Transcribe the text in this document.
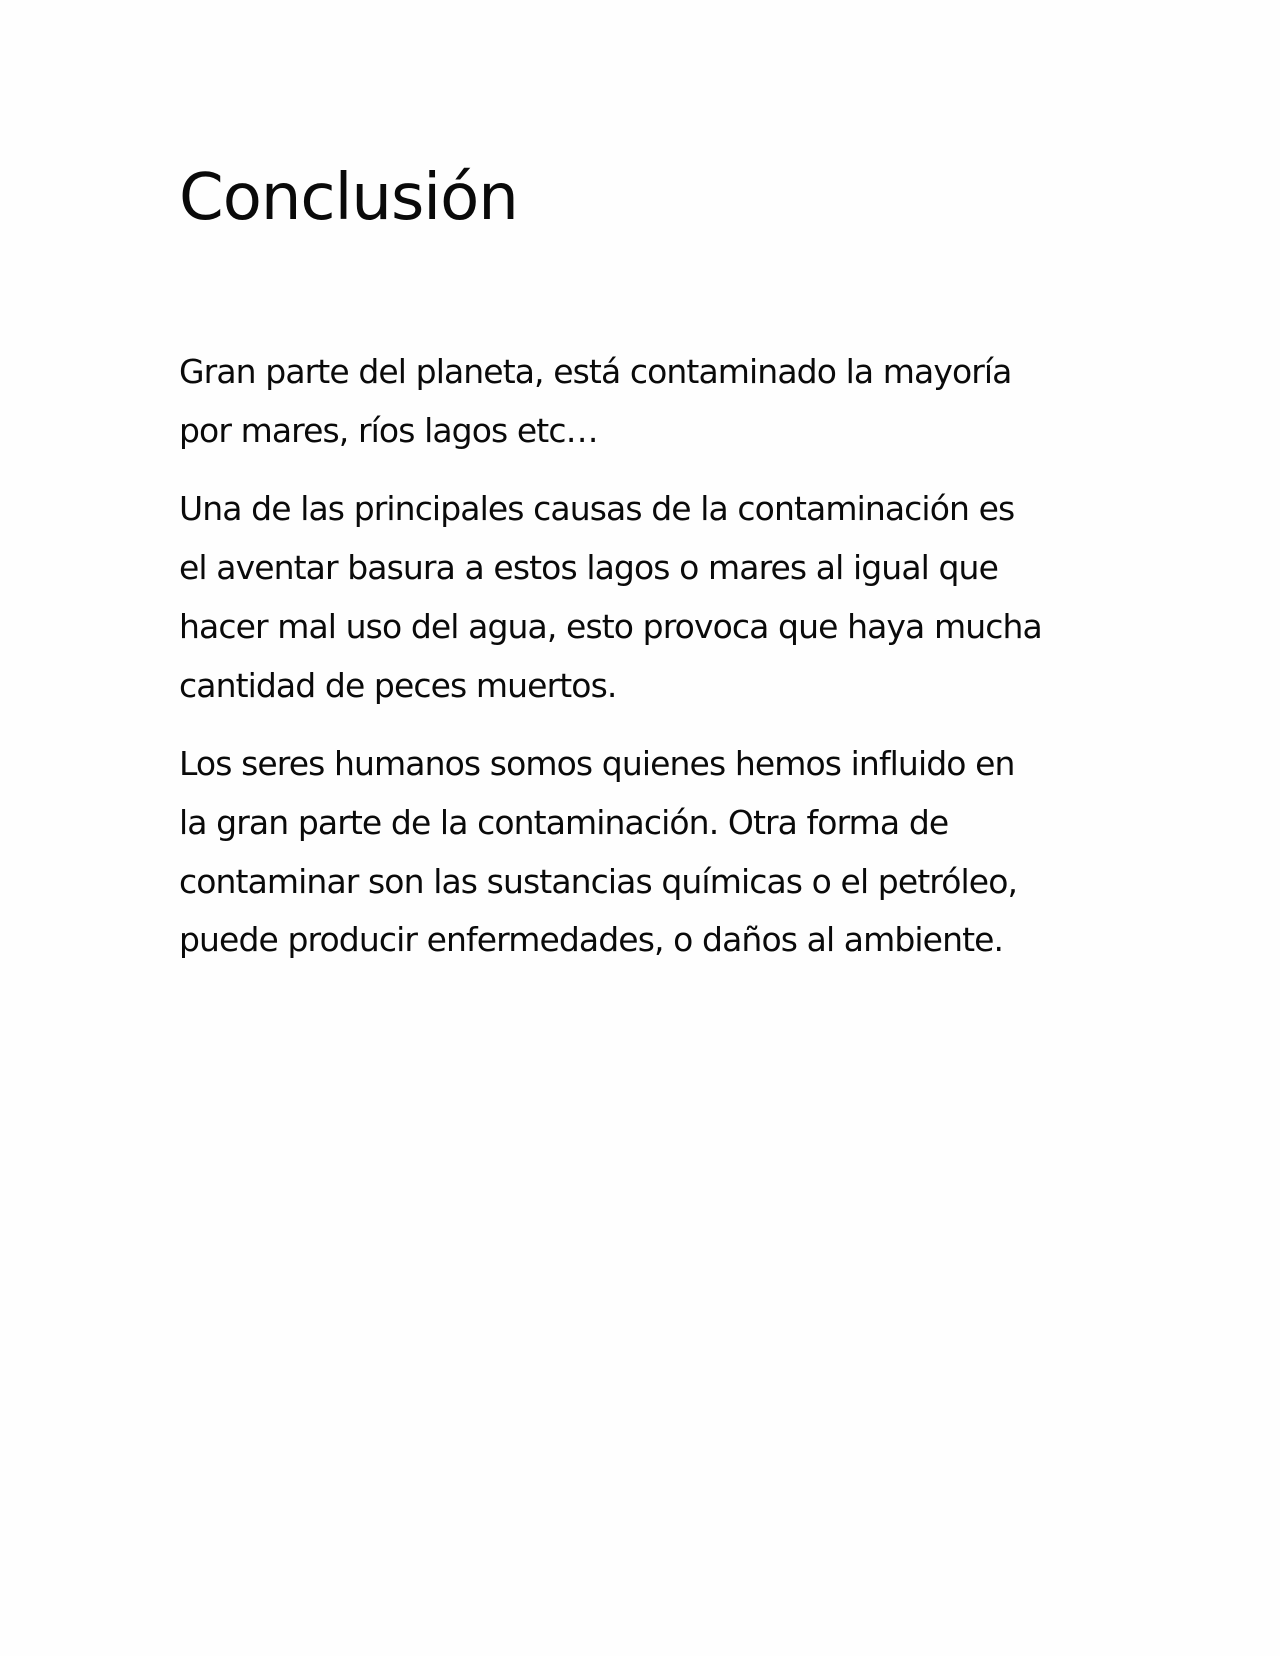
Conclusión

Gran parte del planeta, está contaminado la mayoría
por mares, ríos lagos etc…

Una de las principales causas de la contaminación es
el aventar basura a estos lagos o mares al igual que
hacer mal uso del agua, esto provoca que haya mucha
cantidad de peces muertos.

Los seres humanos somos quienes hemos influido en
la gran parte de la contaminación. Otra forma de
contaminar son las sustancias químicas o el petróleo,
puede producir enfermedades, o daños al ambiente.
